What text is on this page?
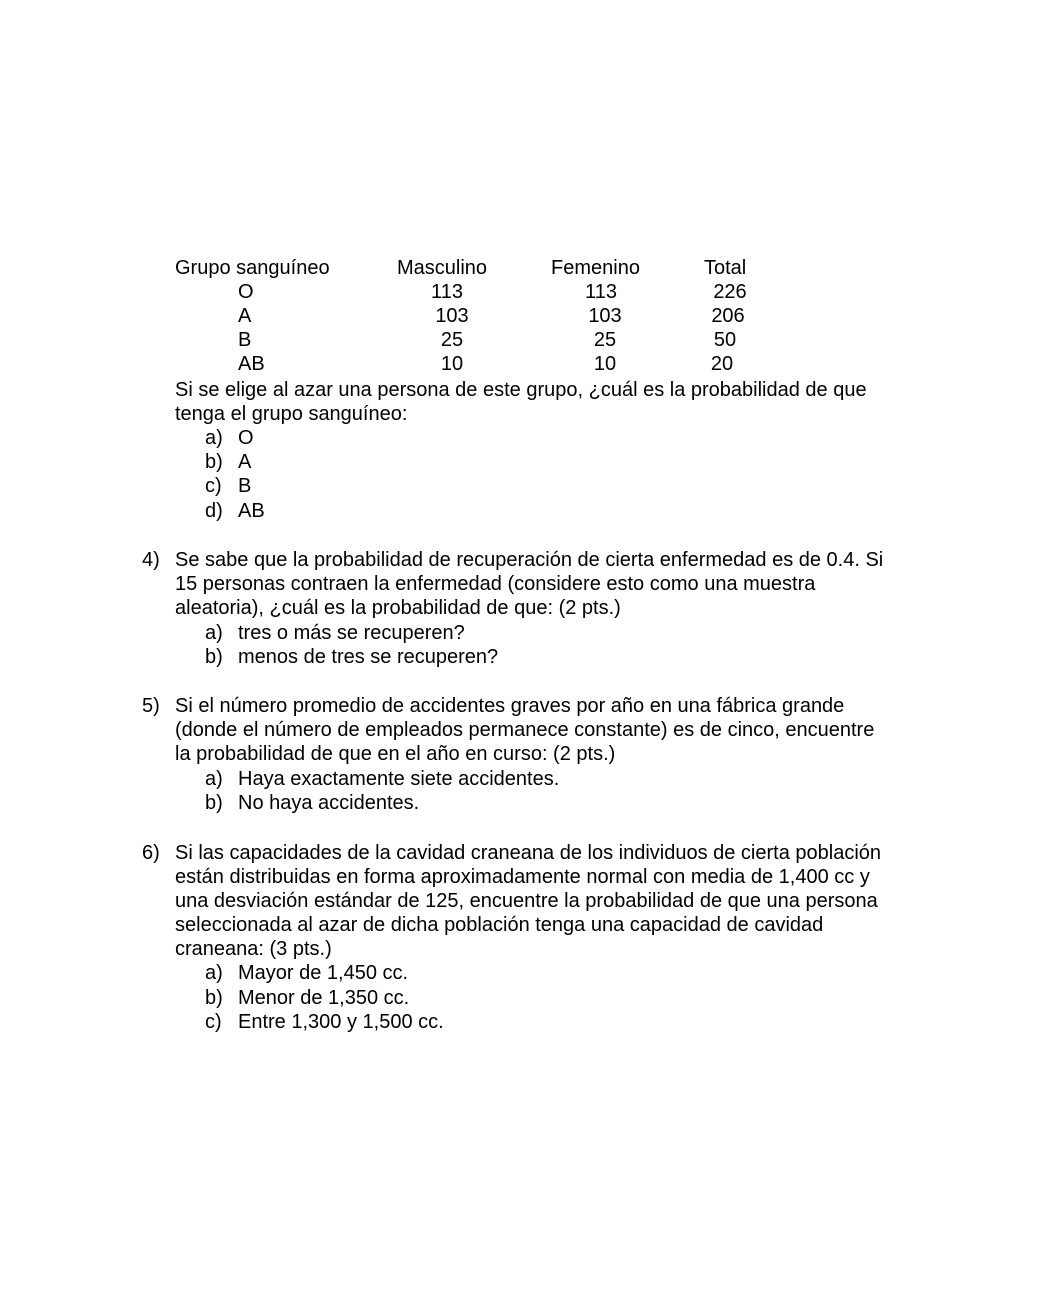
Grupo sanguíneo	Masculino	Femenino	Total
O	113	113	226
A	103	103	206
B	25	25	50
AB	10	10	20
Si se elige al azar una persona de este grupo, ¿cuál es la probabilidad de que
tenga el grupo sanguíneo:
a) O
b) A
c) B
d) AB
4) Se sabe que la probabilidad de recuperación de cierta enfermedad es de 0.4. Si
15 personas contraen la enfermedad (considere esto como una muestra
aleatoria), ¿cuál es la probabilidad de que: (2 pts.)
a) tres o más se recuperen?
b) menos de tres se recuperen?
5) Si el número promedio de accidentes graves por año en una fábrica grande
(donde el número de empleados permanece constante) es de cinco, encuentre
la probabilidad de que en el año en curso: (2 pts.)
a) Haya exactamente siete accidentes.
b) No haya accidentes.
6) Si las capacidades de la cavidad craneana de los individuos de cierta población
están distribuidas en forma aproximadamente normal con media de 1,400 cc y
una desviación estándar de 125, encuentre la probabilidad de que una persona
seleccionada al azar de dicha población tenga una capacidad de cavidad
craneana: (3 pts.)
a) Mayor de 1,450 cc.
b) Menor de 1,350 cc.
c) Entre 1,300 y 1,500 cc.
